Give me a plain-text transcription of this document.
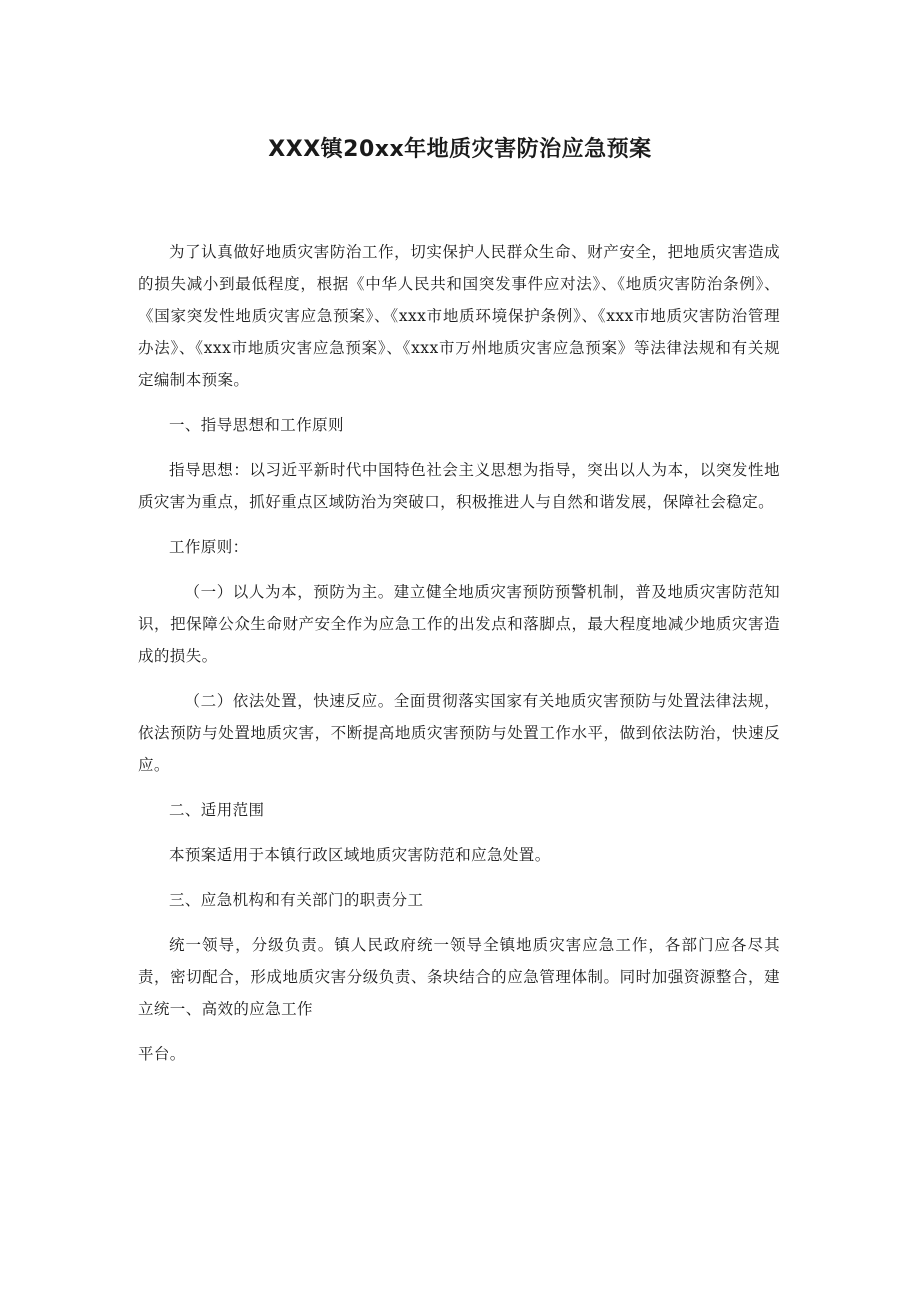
XXX镇20xx年地质灾害防治应急预案

为了认真做好地质灾害防治工作，切实保护人民群众生命、财产安全，把地质灾害造成的损失减小到最低程度，根据《中华人民共和国突发事件应对法》、《地质灾害防治条例》、《国家突发性地质灾害应急预案》、《xxx市地质环境保护条例》、《xxx市地质灾害防治管理办法》、《xxx市地质灾害应急预案》、《xxx市万州地质灾害应急预案》等法律法规和有关规定编制本预案。

一、指导思想和工作原则

指导思想：以习近平新时代中国特色社会主义思想为指导，突出以人为本，以突发性地质灾害为重点，抓好重点区域防治为突破口，积极推进人与自然和谐发展，保障社会稳定。

工作原则：

（一）以人为本，预防为主。建立健全地质灾害预防预警机制，普及地质灾害防范知识，把保障公众生命财产安全作为应急工作的出发点和落脚点，最大程度地减少地质灾害造成的损失。

（二）依法处置，快速反应。全面贯彻落实国家有关地质灾害预防与处置法律法规，依法预防与处置地质灾害，不断提高地质灾害预防与处置工作水平，做到依法防治，快速反应。

二、适用范围

本预案适用于本镇行政区域地质灾害防范和应急处置。

三、应急机构和有关部门的职责分工

统一领导，分级负责。镇人民政府统一领导全镇地质灾害应急工作，各部门应各尽其责，密切配合，形成地质灾害分级负责、条块结合的应急管理体制。同时加强资源整合，建立统一、高效的应急工作

平台。
